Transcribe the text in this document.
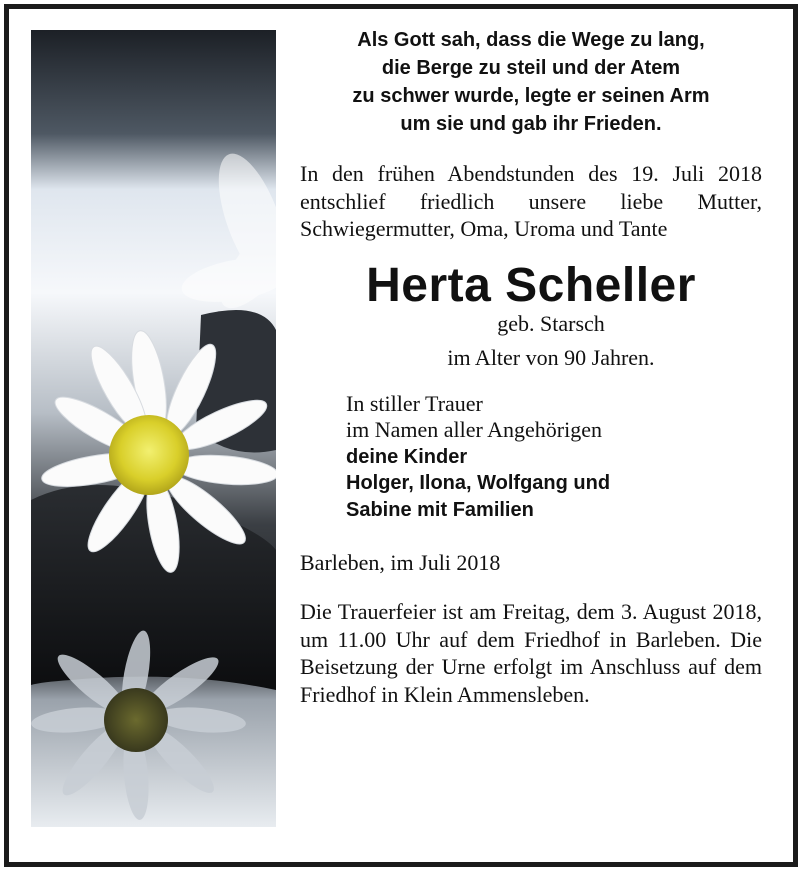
Als Gott sah, dass die Wege zu lang,
die Berge zu steil und der Atem
zu schwer wurde, legte er seinen Arm
um sie und gab ihr Frieden.

In den frühen Abendstunden des 19. Juli 2018 entschlief friedlich unsere liebe Mutter, Schwiegermutter, Oma, Uroma und Tante

Herta Scheller
geb. Starsch
im Alter von 90 Jahren.
In stiller Trauer
im Namen aller Angehörigen
deine Kinder
Holger, Ilona, Wolfgang und
Sabine mit Familien
Barleben, im Juli 2018

Die Trauerfeier ist am Freitag, dem 3. August 2018, um 11.00 Uhr auf dem Friedhof in Barleben. Die Beisetzung der Urne erfolgt im Anschluss auf dem Friedhof in Klein Ammensleben.
